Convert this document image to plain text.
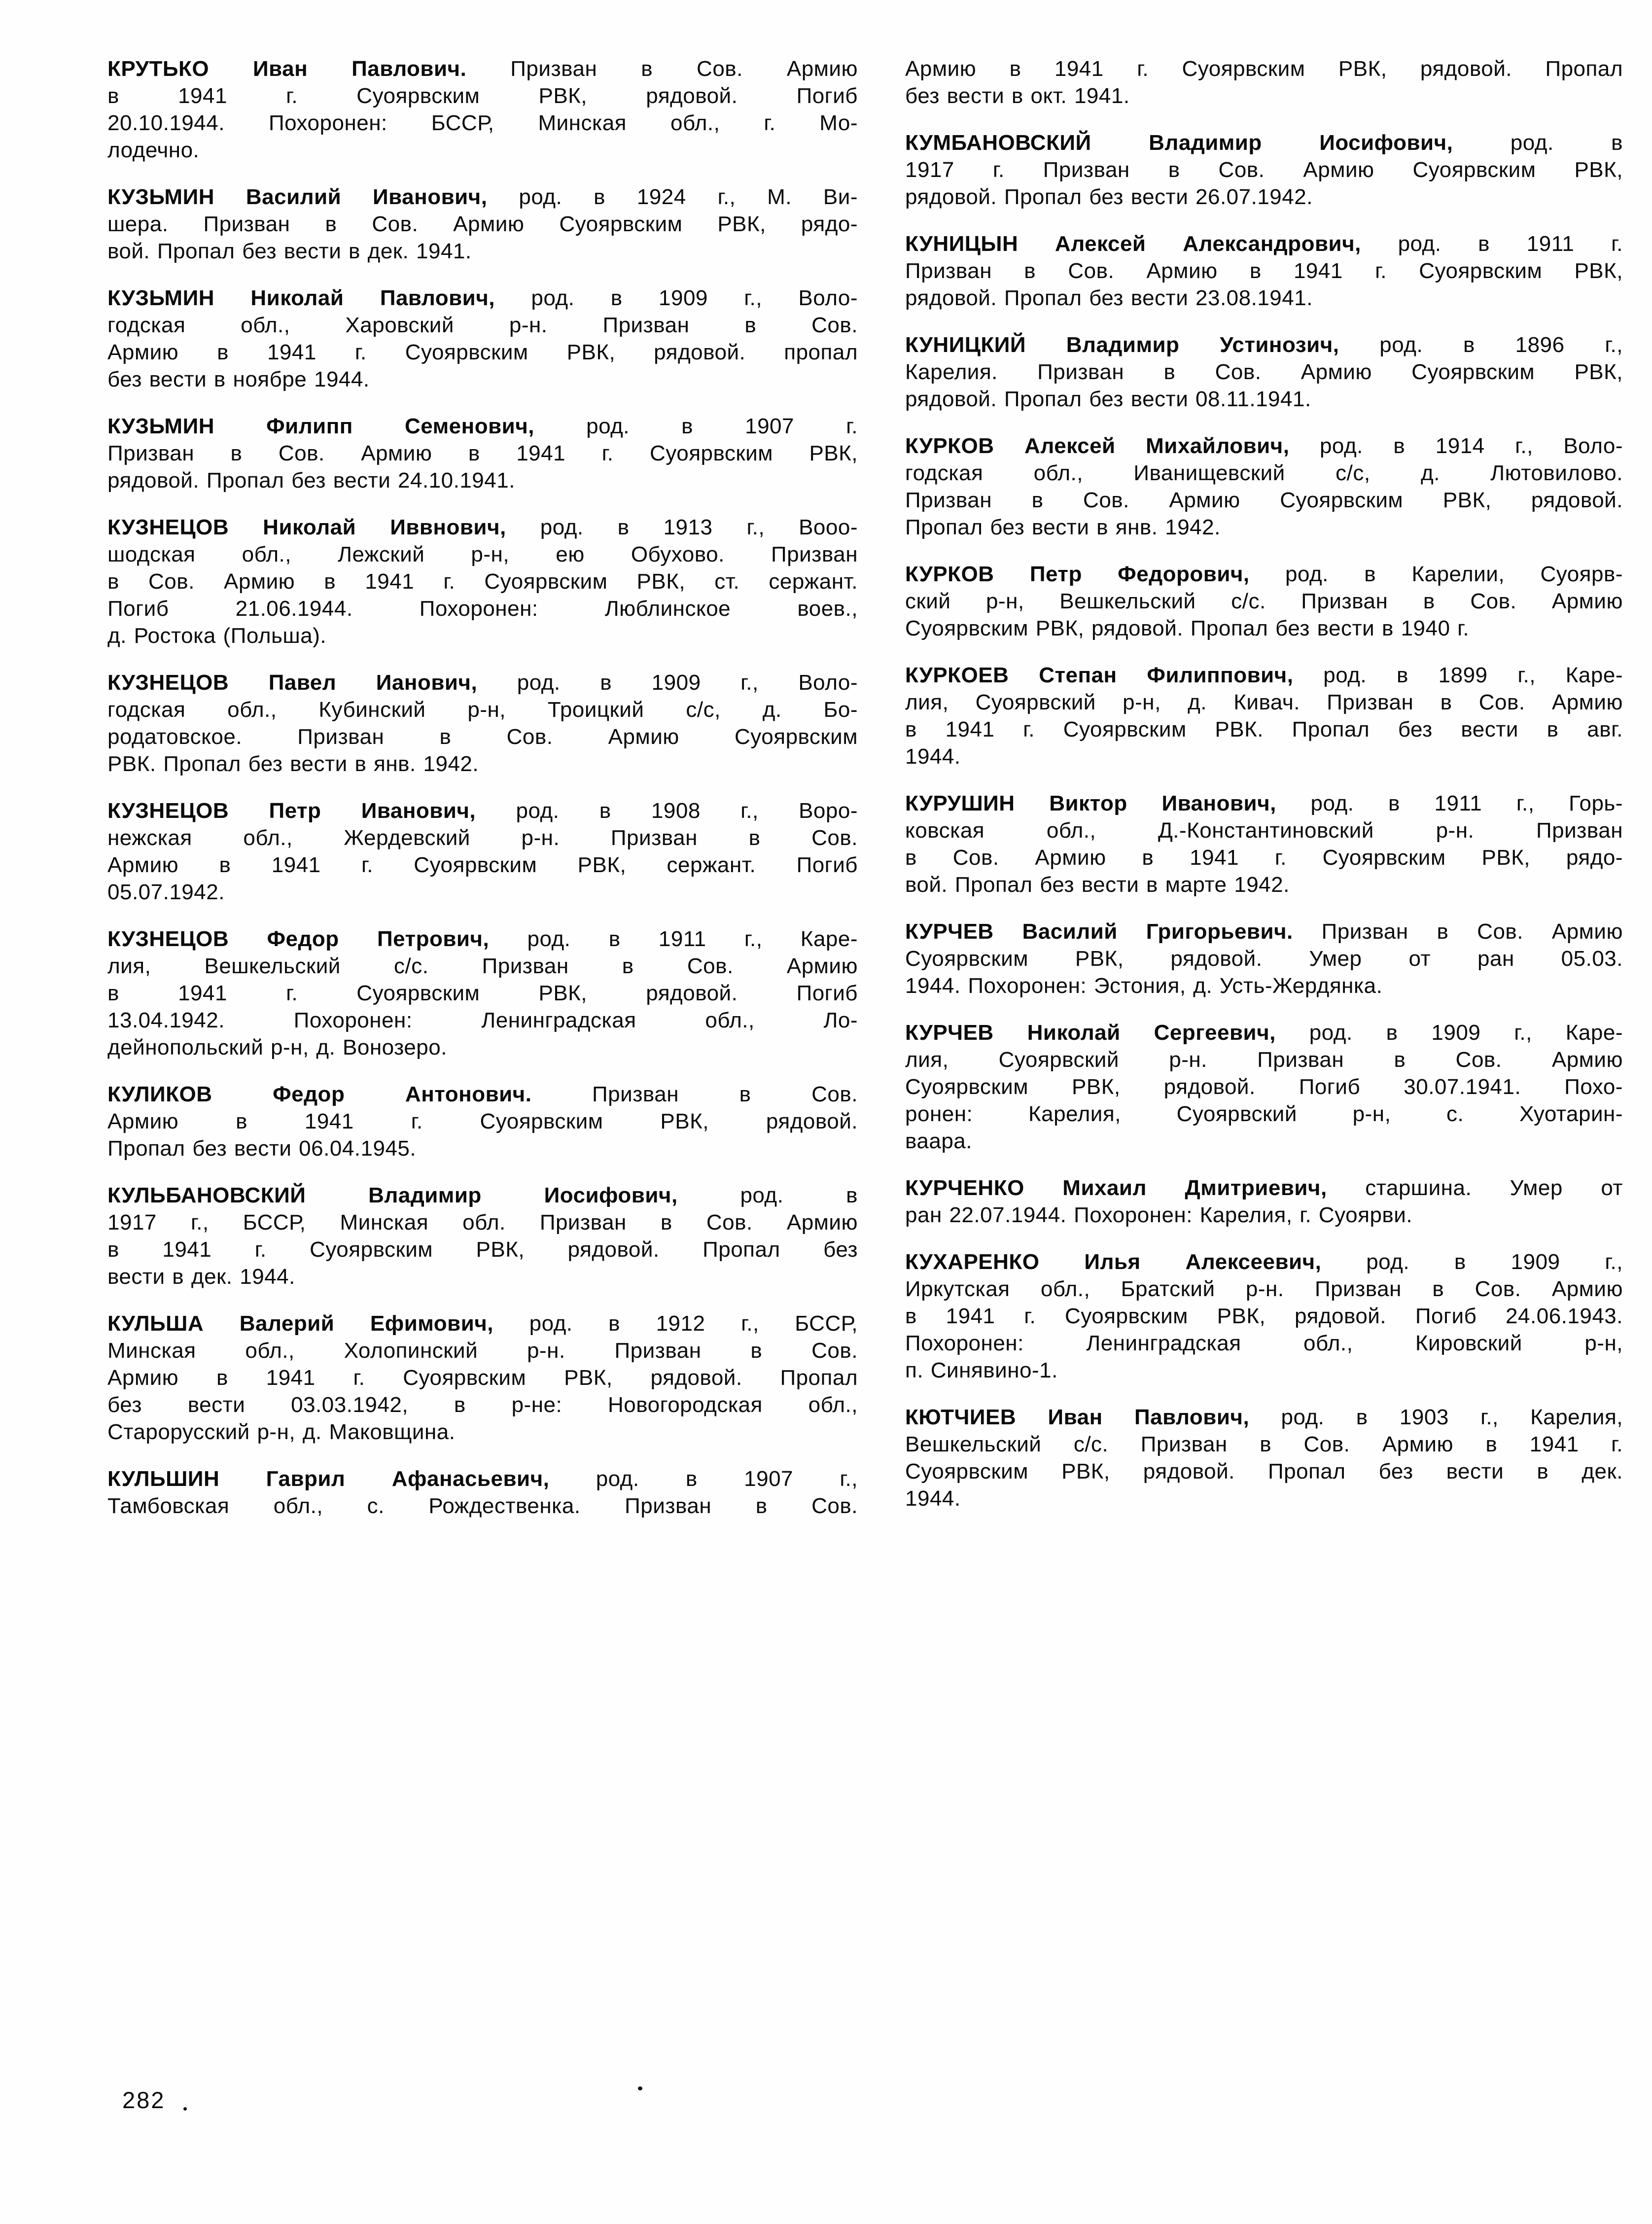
КРУТЬКО Иван Павлович. Призван в Сов. Армию
в 1941 г. Суоярвским РВК, рядовой. Погиб
20.10.1944. Похоронен: БССР, Минская обл., г. Мо-
лодечно.

КУЗЬМИН Василий Иванович, род. в 1924 г., М. Ви-
шера. Призван в Сов. Армию Суоярвским РВК, рядо-
вой. Пропал без вести в дек. 1941.

КУЗЬМИН Николай Павлович, род. в 1909 г., Воло-
годская обл., Харовский р-н. Призван в Сов.
Армию в 1941 г. Суоярвским РВК, рядовой. пропал
без вести в ноябре 1944.

КУЗЬМИН Филипп Семенович, род. в 1907 г.
Призван в Сов. Армию в 1941 г. Суоярвским РВК,
рядовой. Пропал без вести 24.10.1941.

КУЗНЕЦОВ Николай Иввнович, род. в 1913 г., Вооо-
шодская обл., Лежский р-н, ею Обухово. Призван
в Сов. Армию в 1941 г. Суоярвским РВК, ст. сержант.
Погиб 21.06.1944. Похоронен: Люблинское воев.,
д. Ростока (Польша).

КУЗНЕЦОВ Павел Ианович, род. в 1909 г., Воло-
годская обл., Кубинский р-н, Троицкий с/с, д. Бо-
родатовское. Призван в Сов. Армию Суоярвским
РВК. Пропал без вести в янв. 1942.

КУЗНЕЦОВ Петр Иванович, род. в 1908 г., Воро-
нежская обл., Жердевский р-н. Призван в Сов.
Армию в 1941 г. Суоярвским РВК, сержант. Погиб
05.07.1942.

КУЗНЕЦОВ Федор Петрович, род. в 1911 г., Каре-
лия, Вешкельский с/с. Призван в Сов. Армию
в 1941 г. Суоярвским РВК, рядовой. Погиб
13.04.1942. Похоронен: Ленинградская обл., Ло-
дейнопольский р-н, д. Вонозеро.

КУЛИКОВ Федор Антонович. Призван в Сов.
Армию в 1941 г. Суоярвским РВК, рядовой.
Пропал без вести 06.04.1945.

КУЛЬБАНОВСКИЙ Владимир Иосифович, род. в
1917 г., БССР, Минская обл. Призван в Сов. Армию
в 1941 г. Суоярвским РВК, рядовой. Пропал без
вести в дек. 1944.

КУЛЬША Валерий Ефимович, род. в 1912 г., БССР,
Минская обл., Холопинский р-н. Призван в Сов.
Армию в 1941 г. Суоярвским РВК, рядовой. Пропал
без вести 03.03.1942, в р-не: Новогородская обл.,
Старорусский р-н, д. Маковщина.

КУЛЬШИН Гаврил Афанасьевич, род. в 1907 г.,
Тамбовская обл., с. Рождественка. Призван в Сов.

Армию в 1941 г. Суоярвским РВК, рядовой. Пропал
без вести в окт. 1941.

КУМБАНОВСКИЙ Владимир Иосифович, род. в
1917 г. Призван в Сов. Армию Суоярвским РВК,
рядовой. Пропал без вести 26.07.1942.

КУНИЦЫН Алексей Александрович, род. в 1911 г.
Призван в Сов. Армию в 1941 г. Суоярвским РВК,
рядовой. Пропал без вести 23.08.1941.

КУНИЦКИЙ Владимир Устинозич, род. в 1896 г.,
Карелия. Призван в Сов. Армию Суоярвским РВК,
рядовой. Пропал без вести 08.11.1941.

КУРКОВ Алексей Михайлович, род. в 1914 г., Воло-
годская обл., Иванищевский с/с, д. Лютовилово.
Призван в Сов. Армию Суоярвским РВК, рядовой.
Пропал без вести в янв. 1942.

КУРКОВ Петр Федорович, род. в Карелии, Суоярв-
ский р-н, Вешкельский с/с. Призван в Сов. Армию
Суоярвским РВК, рядовой. Пропал без вести в 1940 г.

КУРКОЕВ Степан Филиппович, род. в 1899 г., Каре-
лия, Суоярвский р-н, д. Кивач. Призван в Сов. Армию
в 1941 г. Суоярвским РВК. Пропал без вести в авг.
1944.

КУРУШИН Виктор Иванович, род. в 1911 г., Горь-
ковская обл., Д.-Константиновский р-н. Призван
в Сов. Армию в 1941 г. Суоярвским РВК, рядо-
вой. Пропал без вести в марте 1942.

КУРЧЕВ Василий Григорьевич. Призван в Сов. Армию
Суоярвским РВК, рядовой. Умер от ран 05.03.
1944. Похоронен: Эстония, д. Усть-Жердянка.

КУРЧЕВ Николай Сергеевич, род. в 1909 г., Каре-
лия, Суоярвский р-н. Призван в Сов. Армию
Суоярвским РВК, рядовой. Погиб 30.07.1941. Похо-
ронен: Карелия, Суоярвский р-н, с. Хуотарин-
ваара.

КУРЧЕНКО Михаил Дмитриевич, старшина. Умер от
ран 22.07.1944. Похоронен: Карелия, г. Суоярви.

КУХАРЕНКО Илья Алексеевич, род. в 1909 г.,
Иркутская обл., Братский р-н. Призван в Сов. Армию
в 1941 г. Суоярвским РВК, рядовой. Погиб 24.06.1943.
Похоронен: Ленинградская обл., Кировский р-н,
п. Синявино-1.

КЮТЧИЕВ Иван Павлович, род. в 1903 г., Карелия,
Вешкельский с/с. Призван в Сов. Армию в 1941 г.
Суоярвским РВК, рядовой. Пропал без вести в дек.
1944.

282
